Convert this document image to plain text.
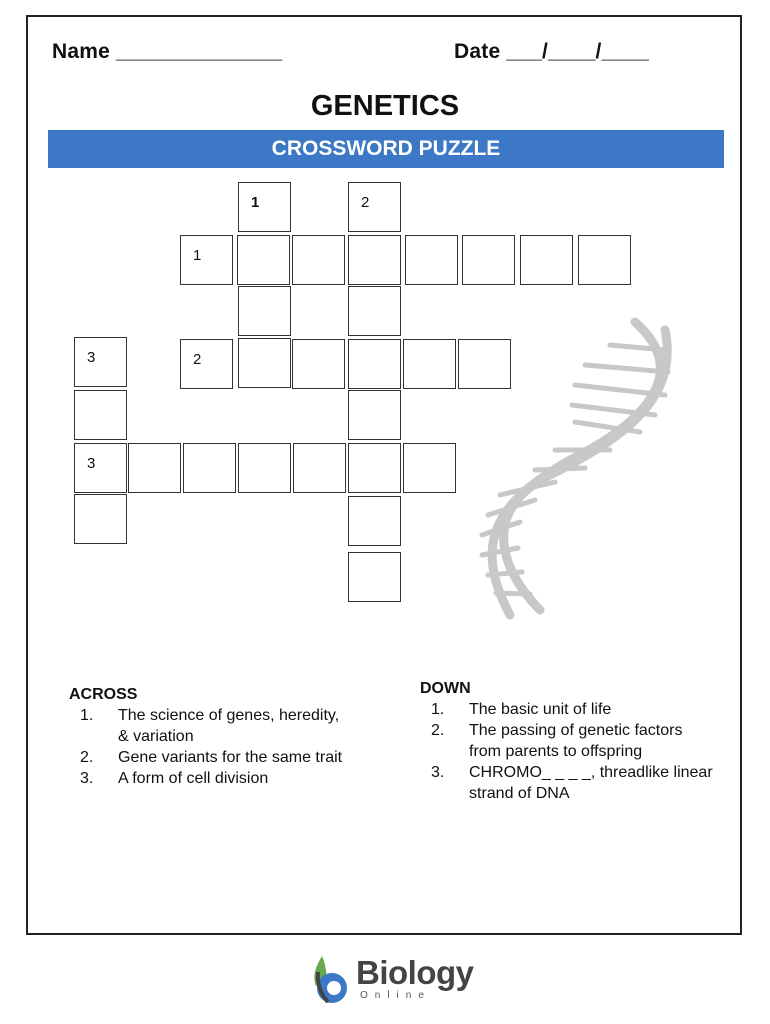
Name ______________	Date ___/____/____
GENETICS
CROSSWORD PUZZLE
1	2
1
2
3
3
ACROSS
1. The science of genes, heredity, & variation
2. Gene variants for the same trait
3. A form of cell division
DOWN
1. The basic unit of life
2. The passing of genetic factors from parents to offspring
3. CHROMO_ _ _ _, threadlike linear strand of DNA
Biology
Online
